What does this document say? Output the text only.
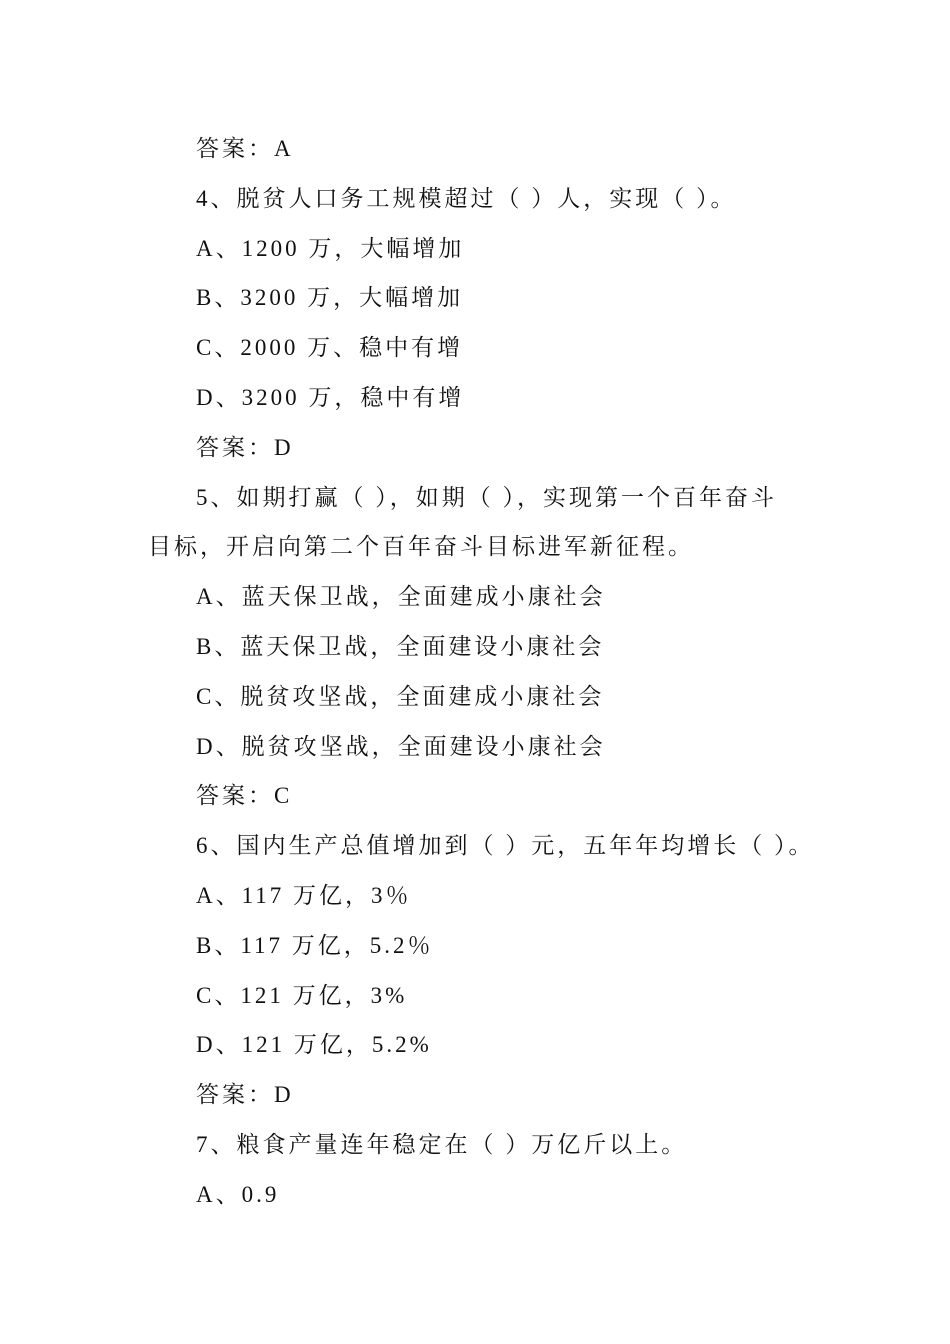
答案：A
4、脱贫人口务工规模超过（ ）人，实现（ ）。
A、1200 万，大幅增加
B、3200 万，大幅增加
C、2000 万、稳中有增
D、3200 万，稳中有增
答案：D
5、如期打赢（ ），如期（ ），实现第一个百年奋斗
目标，开启向第二个百年奋斗目标进军新征程。
A、蓝天保卫战，全面建成小康社会
B、蓝天保卫战，全面建设小康社会
C、脱贫攻坚战，全面建成小康社会
D、脱贫攻坚战，全面建设小康社会
答案：C
6、国内生产总值增加到（ ）元，五年年均增长（ ）。
A、117 万亿，3％
B、117 万亿，5.2％
C、121 万亿，3%
D、121 万亿，5.2%
答案：D
7、粮食产量连年稳定在（ ）万亿斤以上。
A、0.9
